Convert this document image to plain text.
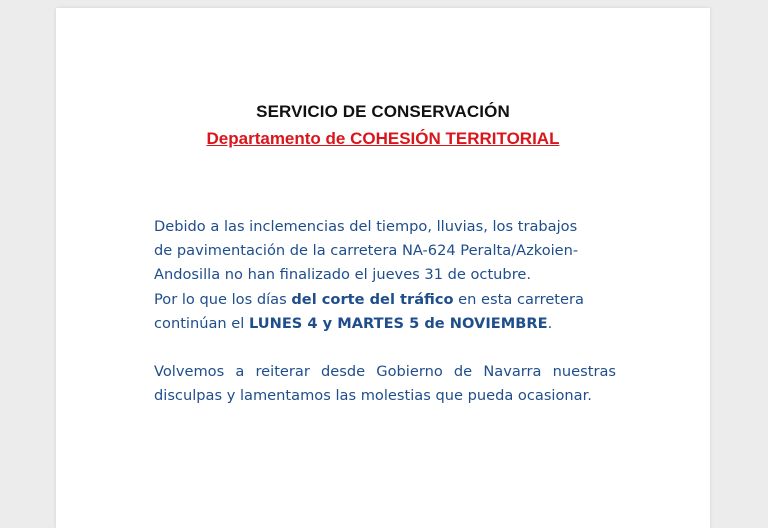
SERVICIO DE CONSERVACIÓN
Departamento de COHESIÓN TERRITORIAL

Debido a las inclemencias del tiempo, lluvias, los trabajos

de pavimentación de la carretera NA-624 Peralta/Azkoien-

Andosilla no han finalizado el jueves 31 de octubre.

Por lo que los días del corte del tráfico en esta carretera

continúan el LUNES 4 y MARTES 5 de NOVIEMBRE.

Volvemos a reiterar desde Gobierno de Navarra nuestras disculpas y lamentamos las molestias que pueda ocasionar.
